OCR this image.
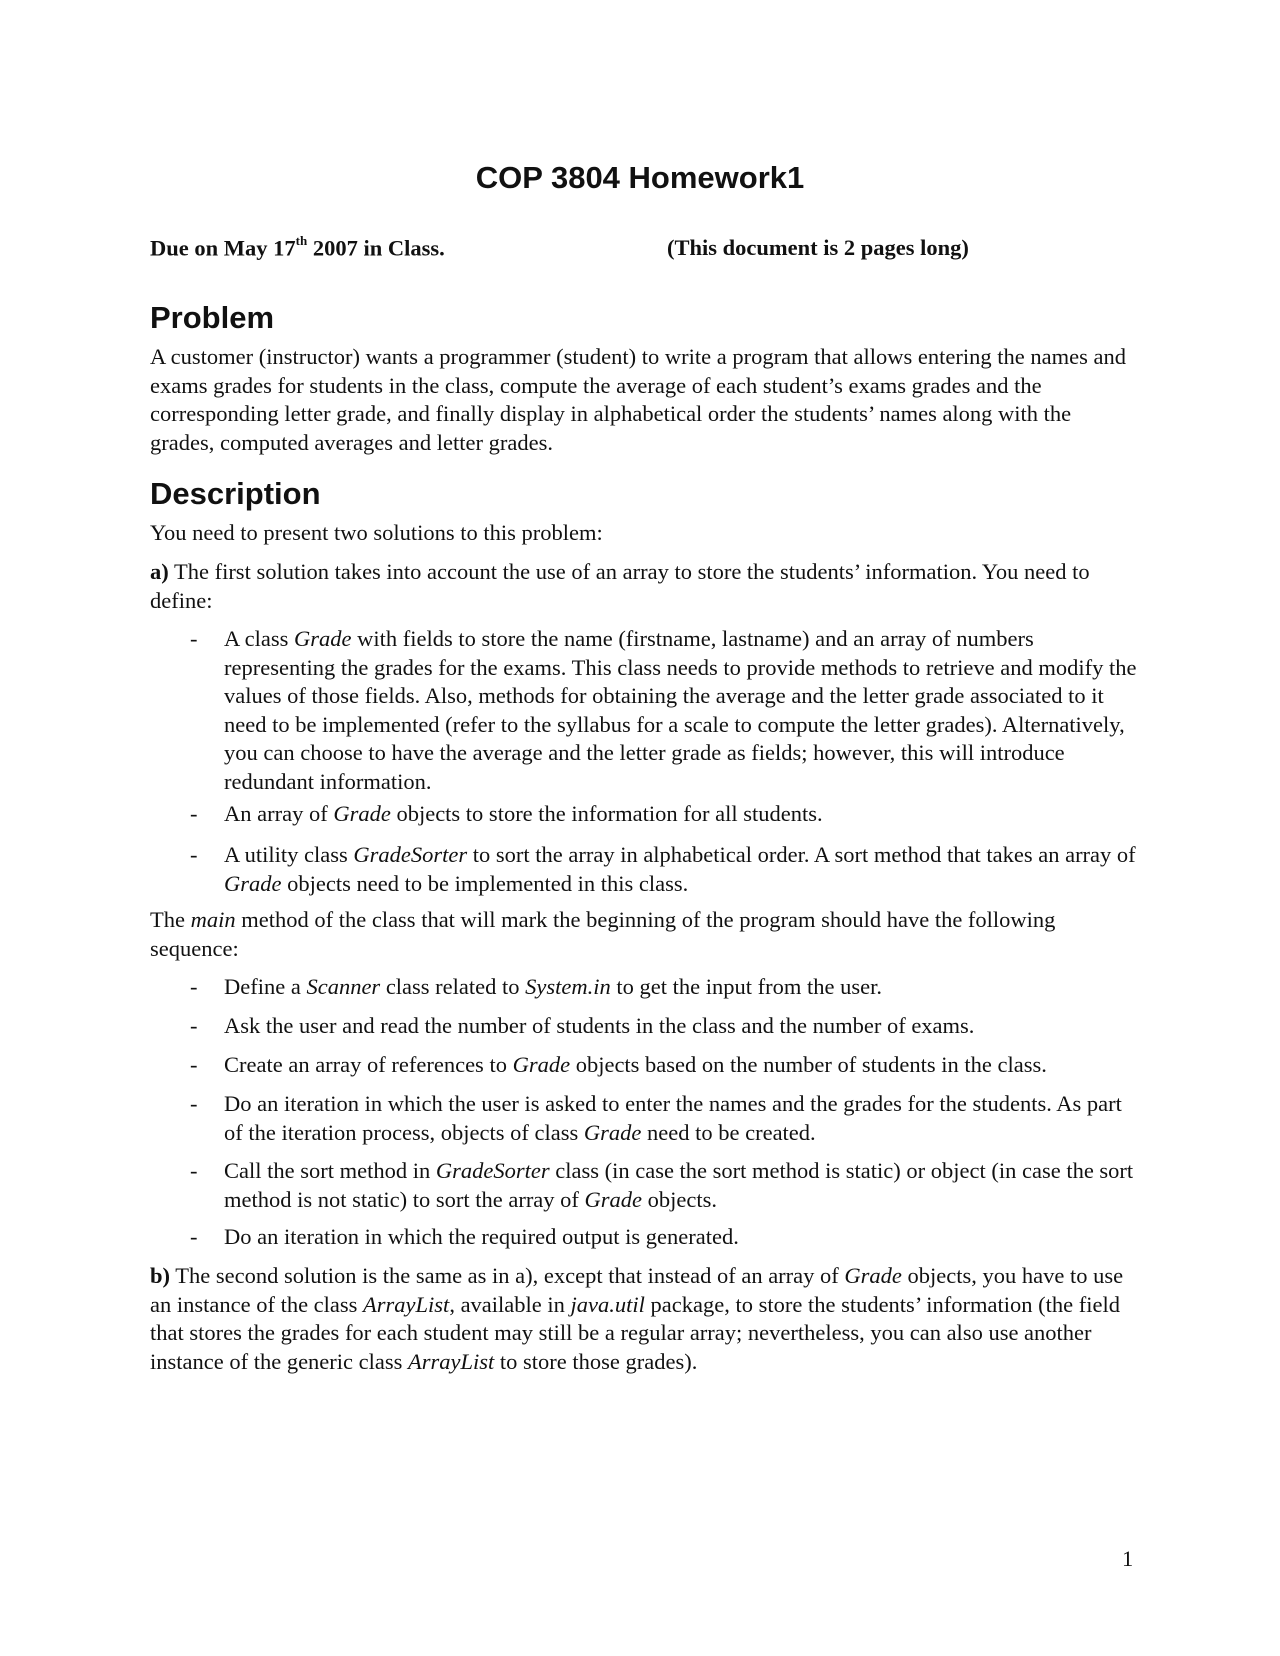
COP 3804 Homework1
Due on May 17th 2007 in Class.	(This document is 2 pages long)
Problem

A customer (instructor) wants a programmer (student) to write a program that allows entering the names and exams grades for students in the class, compute the average of each student’s exams grades and the corresponding letter grade, and finally display in alphabetical order the students’ names along with the grades, computed averages and letter grades.

Description

You need to present two solutions to this problem:

a) The first solution takes into account the use of an array to store the students’ information. You need to define:

- A class Grade with fields to store the name (firstname, lastname) and an array of numbers representing the grades for the exams. This class needs to provide methods to retrieve and modify the values of those fields. Also, methods for obtaining the average and the letter grade associated to it need to be implemented (refer to the syllabus for a scale to compute the letter grades). Alternatively, you can choose to have the average and the letter grade as fields; however, this will introduce redundant information.
- An array of Grade objects to store the information for all students.
- A utility class GradeSorter to sort the array in alphabetical order. A sort method that takes an array of Grade objects need to be implemented in this class.

The main method of the class that will mark the beginning of the program should have the following sequence:

- Define a Scanner class related to System.in to get the input from the user.
- Ask the user and read the number of students in the class and the number of exams.
- Create an array of references to Grade objects based on the number of students in the class.
- Do an iteration in which the user is asked to enter the names and the grades for the students. As part of the iteration process, objects of class Grade need to be created.
- Call the sort method in GradeSorter class (in case the sort method is static) or object (in case the sort method is not static) to sort the array of Grade objects.
- Do an iteration in which the required output is generated.

b) The second solution is the same as in a), except that instead of an array of Grade objects, you have to use an instance of the class ArrayList, available in java.util package, to store the students’ information (the field that stores the grades for each student may still be a regular array; nevertheless, you can also use another instance of the generic class ArrayList to store those grades).

1
